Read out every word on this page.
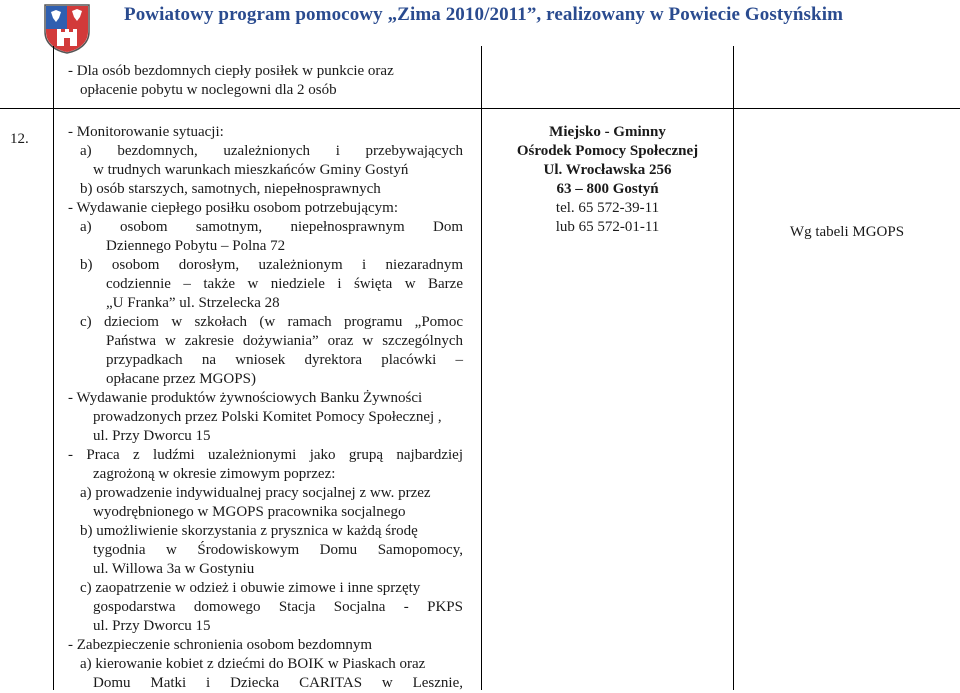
Powiatowy program pomocowy „Zima 2010/2011”, realizowany w Powiecie Gostyńskim
- Dla osób bezdomnych ciepły posiłek w punkcie oraz
opłacenie pobytu w noclegowni dla 2 osób
12.	- Monitorowanie sytuacji:
a) bezdomnych, uzależnionych i przebywających
w trudnych warunkach mieszkańców Gminy Gostyń
b) osób starszych, samotnych, niepełnosprawnych
- Wydawanie ciepłego posiłku osobom potrzebującym:
a) osobom samotnym, niepełnosprawnym Dom
Dziennego Pobytu – Polna 72
b) osobom dorosłym, uzależnionym i niezaradnym
codziennie – także w niedziele i święta w Barze
„U Franka” ul. Strzelecka 28
c) dzieciom w szkołach (w ramach programu „Pomoc
Państwa w zakresie dożywiania” oraz w szczególnych
przypadkach na wniosek dyrektora placówki –
opłacane przez MGOPS)
- Wydawanie produktów żywnościowych Banku Żywności
prowadzonych przez Polski Komitet Pomocy Społecznej ,
ul. Przy Dworcu 15
- Praca z ludźmi uzależnionymi jako grupą najbardziej
zagrożoną w okresie zimowym poprzez:
a) prowadzenie indywidualnej pracy socjalnej z ww. przez
wyodrębnionego w MGOPS pracownika socjalnego
b) umożliwienie skorzystania z prysznica w każdą środę
tygodnia w Środowiskowym Domu Samopomocy,
ul. Willowa 3a w Gostyniu
c) zaopatrzenie w odzież i obuwie zimowe i inne sprzęty
gospodarstwa domowego Stacja Socjalna - PKPS
ul. Przy Dworcu 15
- Zabezpieczenie schronienia osobom bezdomnym
a) kierowanie kobiet z dziećmi do BOIK w Piaskach oraz
Domu Matki i Dziecka CARITAS w Lesznie,
Miejsko - Gminny
Ośrodek Pomocy Społecznej
Ul. Wrocławska 256
63 – 800 Gostyń
tel. 65 572-39-11
lub 65 572-01-11	Wg tabeli MGOPS
